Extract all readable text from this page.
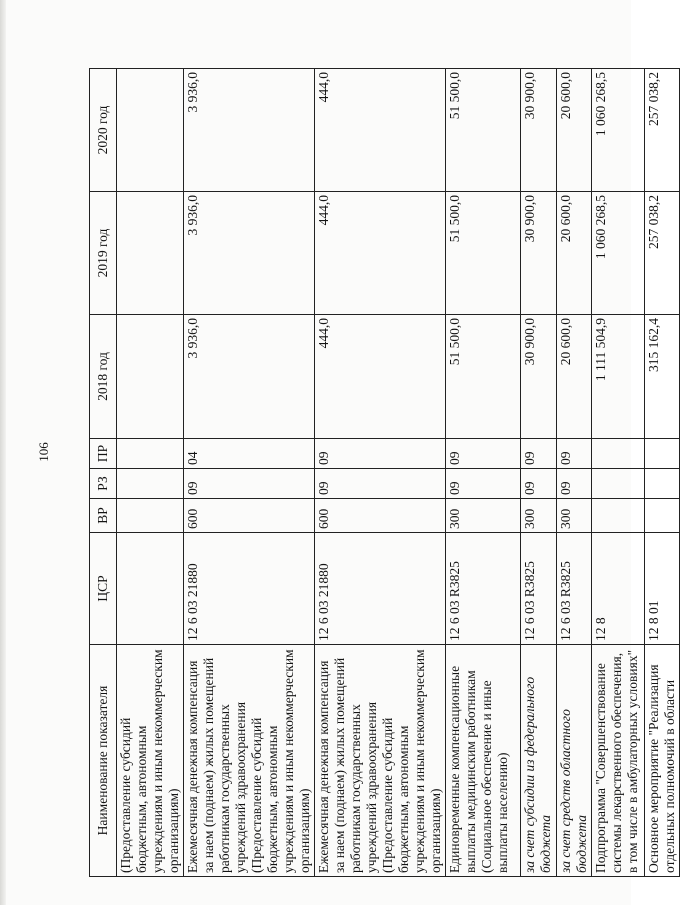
106
Наименование показателя	ЦСР	ВР	РЗ	ПР	2018 год	2019 год	2020 год
(Предоставление субсидий бюджетным, автономным учреждениям и иным некоммерческим организациям)							
Ежемесячная денежная компенсация за наем (поднаем) жилых помещений работникам государственных учреждений здравоохранения (Предоставление субсидий бюджетным, автономным учреждениям и иным некоммерческим организациям)	12 6 03 21880	600	09	04	3 936,0	3 936,0	3 936,0
Ежемесячная денежная компенсация за наем (поднаем) жилых помещений работникам государственных учреждений здравоохранения (Предоставление субсидий бюджетным, автономным учреждениям и иным некоммерческим организациям)	12 6 03 21880	600	09	09	444,0	444,0	444,0
Единовременные компенсационные выплаты медицинским работникам (Социальное обеспечение и иные выплаты населению)	12 6 03 R3825	300	09	09	51 500,0	51 500,0	51 500,0
за счет субсидии из федерального бюджета	12 6 03 R3825	300	09	09	30 900,0	30 900,0	30 900,0
за счет средств областного бюджета	12 6 03 R3825	300	09	09	20 600,0	20 600,0	20 600,0
Подпрограмма "Совершенствование системы лекарственного обеспечения, в том числе в амбулаторных условиях"	12 8				1 111 504,9	1 060 268,5	1 060 268,5
Основное мероприятие "Реализация отдельных полномочий в области	12 8 01				315 162,4	257 038,2	257 038,2
